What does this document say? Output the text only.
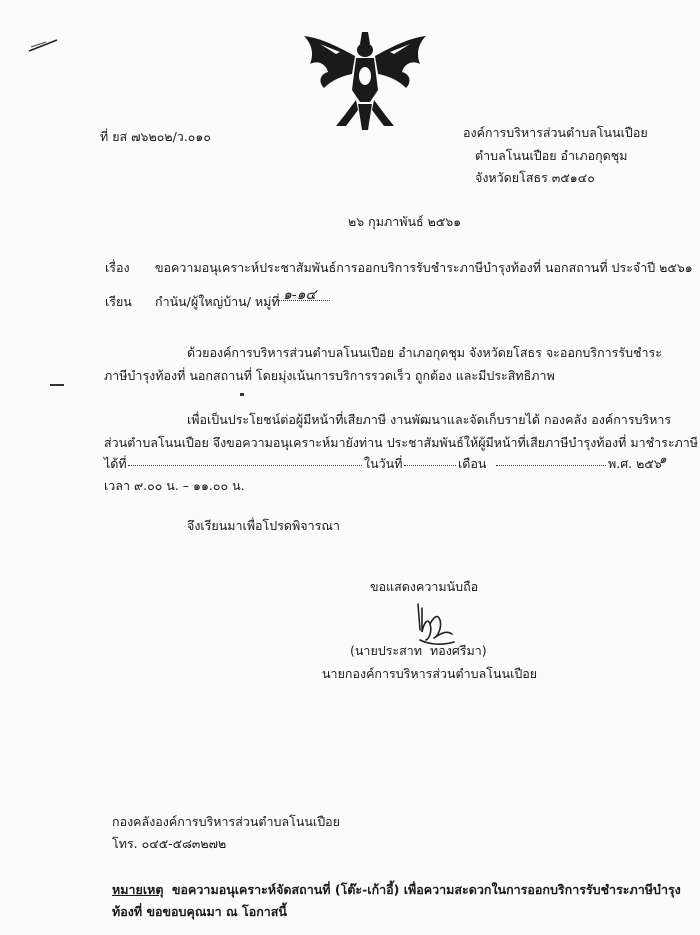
ที่ ยส ๗๖๒๐๒/ว.๐๑๐	องค์การบริหารส่วนตำบลโนนเปือย
ตำบลโนนเปือย อำเภอกุดชุม
จังหวัดยโสธร ๓๕๑๔๐
๒๖ กุมภาพันธ์ ๒๕๖๑
เรื่อง ขอความอนุเคราะห์ประชาสัมพันธ์การออกบริการรับชำระภาษีบำรุงท้องที่ นอกสถานที่ ประจำปี ๒๕๖๑
เรียน กำนัน/ผู้ใหญ่บ้าน/ หมู่ที่ ๑-๑๔
ด้วยองค์การบริหารส่วนตำบลโนนเปือย อำเภอกุดชุม จังหวัดยโสธร จะออกบริการรับชำระ
ภาษีบำรุงท้องที่ นอกสถานที่ โดยมุ่งเน้นการบริการรวดเร็ว ถูกต้อง และมีประสิทธิภาพ
เพื่อเป็นประโยชน์ต่อผู้มีหน้าที่เสียภาษี งานพัฒนาและจัดเก็บรายได้ กองคลัง องค์การบริหาร
ส่วนตำบลโนนเปือย จึงขอความอนุเคราะห์มายังท่าน ประชาสัมพันธ์ให้ผู้มีหน้าที่เสียภาษีบำรุงท้องที่ มาชำระภาษี
ได้ที่	ในวันที่	เดือน	พ.ศ. ๒๕๖
๑
เวลา ๙.๐๐ น. – ๑๑.๐๐ น.
จึงเรียนมาเพื่อโปรดพิจารณา
ขอแสดงความนับถือ
(นายประสาท ทองศรีมา)
นายกองค์การบริหารส่วนตำบลโนนเปือย
กองคลังองค์การบริหารส่วนตำบลโนนเปือย
โทร. ๐๔๕-๕๘๓๒๗๒
หมายเหตุ ขอความอนุเคราะห์จัดสถานที่ (โต๊ะ-เก้าอี้) เพื่อความสะดวกในการออกบริการรับชำระภาษีบำรุง
ท้องที่ ขอขอบคุณมา ณ โอกาสนี้
